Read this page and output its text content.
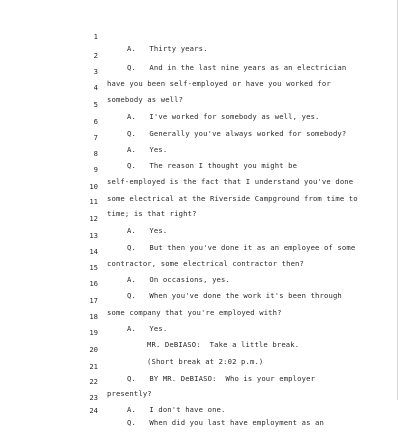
1

A.   Thirty years.

2

Q.   And in the last nine years as an electrician

3

have you been self-employed or have you worked for

4

somebody as well?

5

A.   I've worked for somebody as well, yes.

6

Q.   Generally you've always worked for somebody?

7

A.   Yes.

8

Q.   The reason I thought you might be

9

self-employed is the fact that I understand you've done

10

some electrical at the Riverside Campground from time to

11

time; is that right?

12

A.   Yes.

13

Q.   But then you've done it as an employee of some

14

contractor, some electrical contractor then?

15

A.   On occasions, yes.

16

Q.   When you've done the work it's been through

17

some company that you're employed with?

18

A.   Yes.

19

MR. DeBIASO:  Take a little break.

20

(Short break at 2:02 p.m.)

21

Q.   BY MR. DeBIASO:  Who is your employer

22

presently?

23

A.   I don't have one.

24

Q.   When did you last have employment as an
